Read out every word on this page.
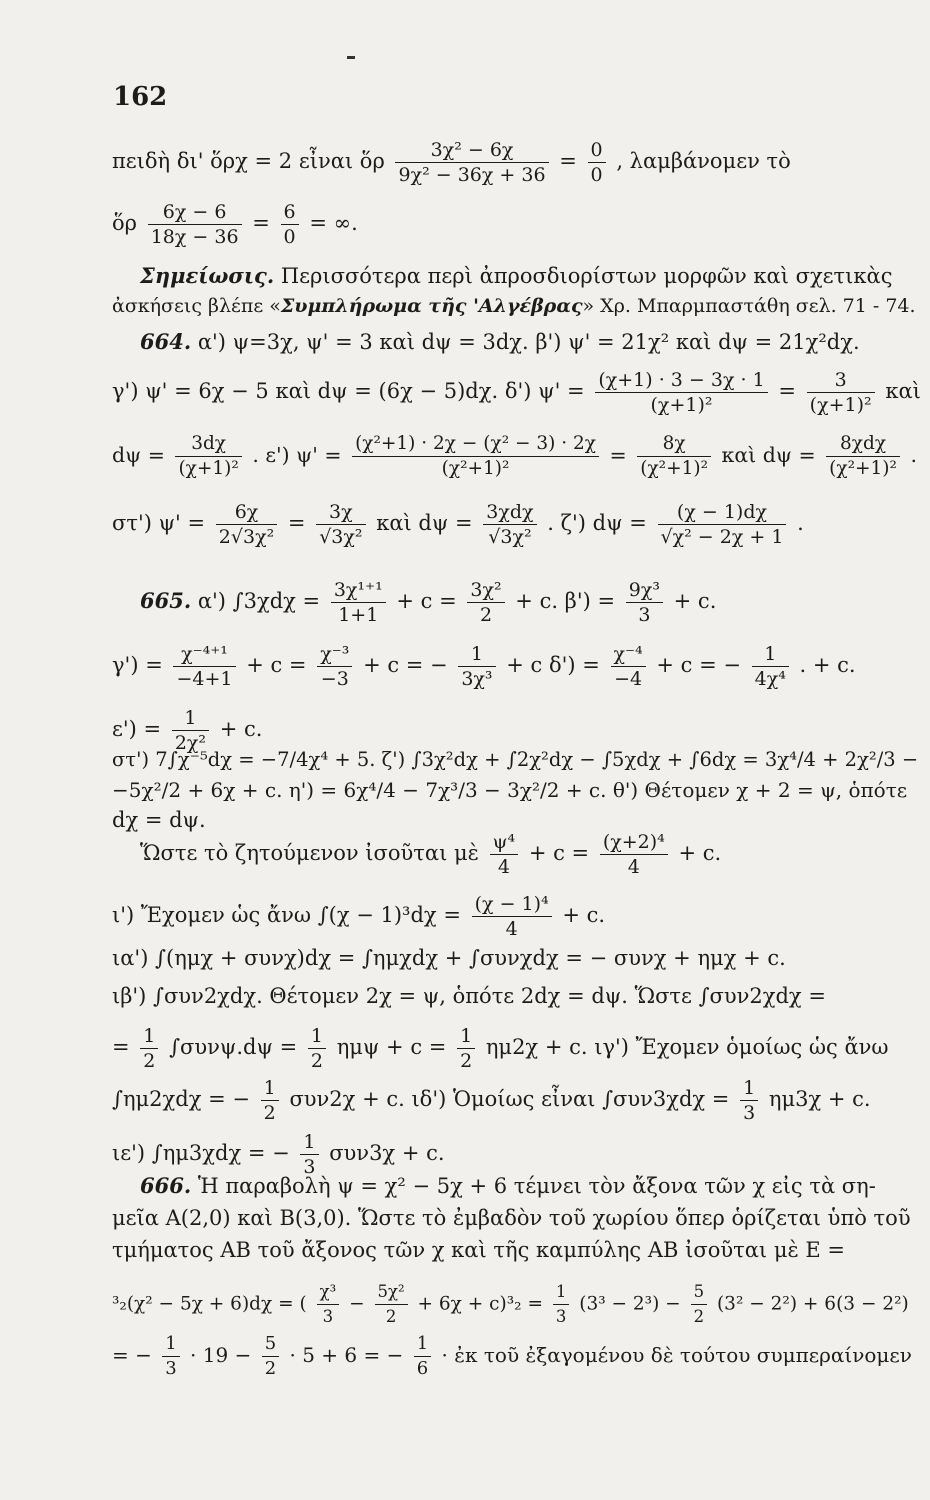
162
πειδὴ δι' ὅρχ = 2 εἶναι ὅρ $\frac{\text{3χ² − 6χ}}{\text{9χ² − 36χ + 36}} = \frac{0}{0}$ , λαμβάνομεν τὸ
ὅρ $\frac{6\chi - 6}{18\chi - 36} = \frac{6}{0}$ = ∞.
Σημείωσις. Περισσότερα περὶ ἀπροσδιορίστων μορφῶν καὶ σχετικὰς
ἀσκήσεις βλέπε «Συμπλήρωμα τῆς 'Αλγέβρας» Χρ. Μπαρμπαστάθη σελ. 71 - 74.
664. α') ψ=3χ, ψ' = 3 καὶ dψ = 3dχ. β') ψ' = 21χ² καὶ dψ = 21χ²dχ.
γ') ψ' = 6χ − 5 καὶ dψ = (6χ − 5)dχ. δ') $\psi' = \frac{(\chi+1) \cdot 3 - 3\chi \cdot 1}{\text{(χ+1)²}} = \frac{3}{\text{(χ+1)²}}$ καὶ
$d\psi = \frac{3d\chi}{\text{(χ+1)²}}$ . ε') $\psi' = \frac{\text{(χ²+1) · 2χ − (χ² − 3) · 2χ}}{\text{(χ²+1)²}} = \frac{8\chi}{\text{(χ²+1)²}}$ καὶ $d\psi = \frac{\text{8χdχ}}{\text{(χ²+1)²}}$ .
στ') $\psi' = \frac{6\chi}{\text{2√3χ²}} = \frac{3\chi}{\text{√3χ²}}$ καὶ $d\psi = \frac{\text{3χdχ}}{\text{√3χ²}}$ . ζ') $d\psi = \frac{(\chi - 1)d\chi}{\text{√χ² − 2χ + 1}}$ .
665. α') $\int 3\chi d\chi = \frac{\text{3χ¹⁺¹}}{1+1} + c = \frac{\text{3χ²}}{2} + c$. $\beta') = \frac{\text{9χ³}}{3} + c$.
$\gamma') = \frac{\text{χ⁻⁴⁺¹}}{-4+1} + c = \frac{\text{χ⁻³}}{-3} + c$ = − $\frac{1}{\text{3χ³}} + c$ $\delta') = \frac{\text{χ⁻⁴}}{-4} + c$ = − $\frac{1}{\text{4χ⁴}}$ . + c.
$\varepsilon') = \frac{1}{\text{2χ²}} + c$.
στ') 7∫χ⁻⁵dχ = −7/4χ⁴ + 5. ζ') ∫3χ²dχ + ∫2χ²dχ − ∫5χdχ + ∫6dχ = 3χ⁴/4 + 2χ²/3 −
−5χ²/2 + 6χ + c. η') = 6χ⁴/4 − 7χ³/3 − 3χ²/2 + c. θ') Θέτομεν χ + 2 = ψ, ὁπότε
dχ = dψ.
Ὥστε τὸ ζητούμενον ἰσοῦται μὲ $\frac{\text{ψ⁴}}{4} + c = \frac{\text{(χ+2)⁴}}{4} + c$.
ι') Ἔχομεν ὡς ἄνω $\int(\chi - 1)^3d\chi = \frac{\text{(χ − 1)⁴}}{4} + c$.
ια') ∫(ημχ + συνχ)dχ = ∫ημχdχ + ∫συνχdχ = − συνχ + ημχ + c.
ιβ') ∫συν2χdχ. Θέτομεν 2χ = ψ, ὁπότε 2dχ = dψ. Ὥστε ∫συν2χdχ =
= $\frac{1}{2} \int\sigma\upsilon\nu\psi.d\psi = \frac{1}{2}$ $\eta\mu\psi + c = \frac{1}{2} \eta\mu 2\chi + c$. ιγ') Ἔχομεν ὁμοίως ὡς ἄνω
∫ημ2χdχ = − $\frac{1}{2} \sigma\upsilon\nu 2\chi + c$. ιδ') Ὁμοίως εἶναι $\int\sigma\upsilon\nu 3\chi d\chi = \frac{1}{3} \eta\mu 3\chi + c$.
ιε') ∫ημ3χdχ = − $\frac{1}{3} \sigma\upsilon\nu 3\chi + c$.
666. Ἡ παραβολὴ ψ = χ² − 5χ + 6 τέμνει τὸν ἄξονα τῶν χ εἰς τὰ ση-
μεῖα Α(2,0) καὶ Β(3,0). Ὥστε τὸ ἐμβαδὸν τοῦ χωρίου ὅπερ ὁρίζεται ὑπὸ τοῦ
τμήματος ΑΒ τοῦ ἄξονος τῶν χ καὶ τῆς καμπύλης ΑΒ ἰσοῦται μὲ Ε =
³₂(χ² − 5χ + 6)dχ = ( $\frac{\text{χ³}}{3} - \frac{\text{5χ²}}{2} + 6\chi + c)^3_2 = \frac{1}{3} (3^3 - 2^3) - \frac{5}{2} (3^2 - 2^2) + 6(3 - 2^2)$
= − $\frac{1}{3} \cdot 19 - \frac{5}{2} \cdot 5 + 6$ = − $\frac{1}{6}$ · ἐκ τοῦ ἐξαγομένου δὲ τούτου συμπεραίνομεν
